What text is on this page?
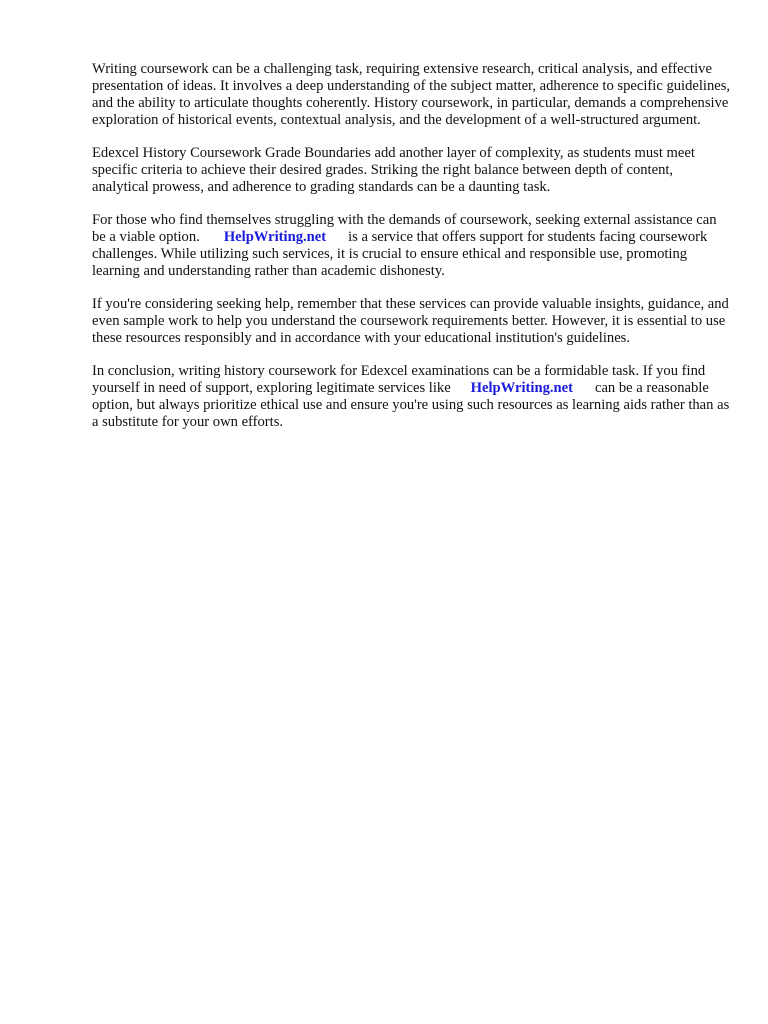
Writing coursework can be a challenging task, requiring extensive research, critical analysis, and effective presentation of ideas. It involves a deep understanding of the subject matter, adherence to specific guidelines, and the ability to articulate thoughts coherently. History coursework, in particular, demands a comprehensive exploration of historical events, contextual analysis, and the development of a well-structured argument.

Edexcel History Coursework Grade Boundaries add another layer of complexity, as students must meet specific criteria to achieve their desired grades. Striking the right balance between depth of content, analytical prowess, and adherence to grading standards can be a daunting task.

For those who find themselves struggling with the demands of coursework, seeking external assistance can be a viable option. HelpWriting.net is a service that offers support for students facing coursework challenges. While utilizing such services, it is crucial to ensure ethical and responsible use, promoting learning and understanding rather than academic dishonesty.

If you're considering seeking help, remember that these services can provide valuable insights, guidance, and even sample work to help you understand the coursework requirements better. However, it is essential to use these resources responsibly and in accordance with your educational institution's guidelines.

In conclusion, writing history coursework for Edexcel examinations can be a formidable task. If you find yourself in need of support, exploring legitimate services like HelpWriting.net can be a reasonable option, but always prioritize ethical use and ensure you're using such resources as learning aids rather than as a substitute for your own efforts.
